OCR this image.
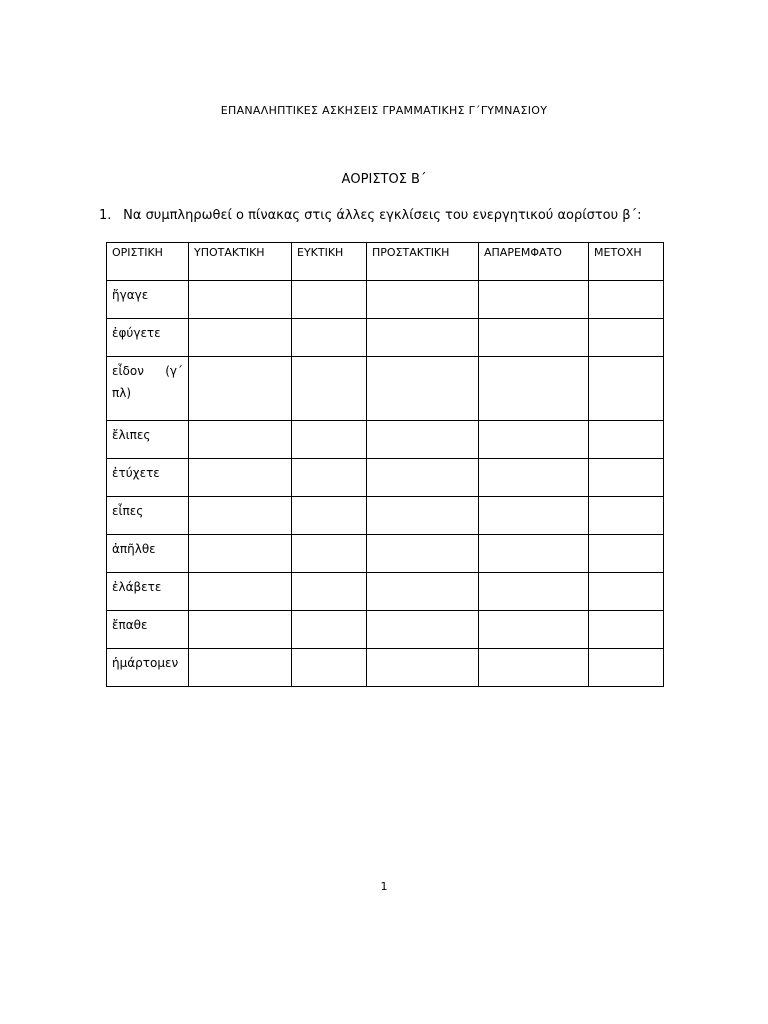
ΕΠΑΝΑΛΗΠΤΙΚΕΣ ΑΣΚΗΣΕΙΣ ΓΡΑΜΜΑΤΙΚΗΣ Γ΄ΓΥΜΝΑΣΙΟΥ
ΑΟΡΙΣΤΟΣ Β΄
1. Να συμπληρωθεί ο πίνακας στις άλλες εγκλίσεις του ενεργητικού αορίστου β΄:
ΟΡΙΣΤΙΚΗ	ΥΠΟΤΑΚΤΙΚΗ	ΕΥΚΤΙΚΗ	ΠΡΟΣΤΑΚΤΙΚΗ	ΑΠΑΡΕΜΦΑΤΟ	ΜΕΤΟΧΗ
ἤγαγε					
ἐφύγετε					
εἶδον (γ΄ πλ)					
ἔλιπες					
ἐτύχετε					
εἶπες					
ἀπῆλθε					
ἐλάβετε					
ἔπαθε					
ἡμάρτομεν					
1
